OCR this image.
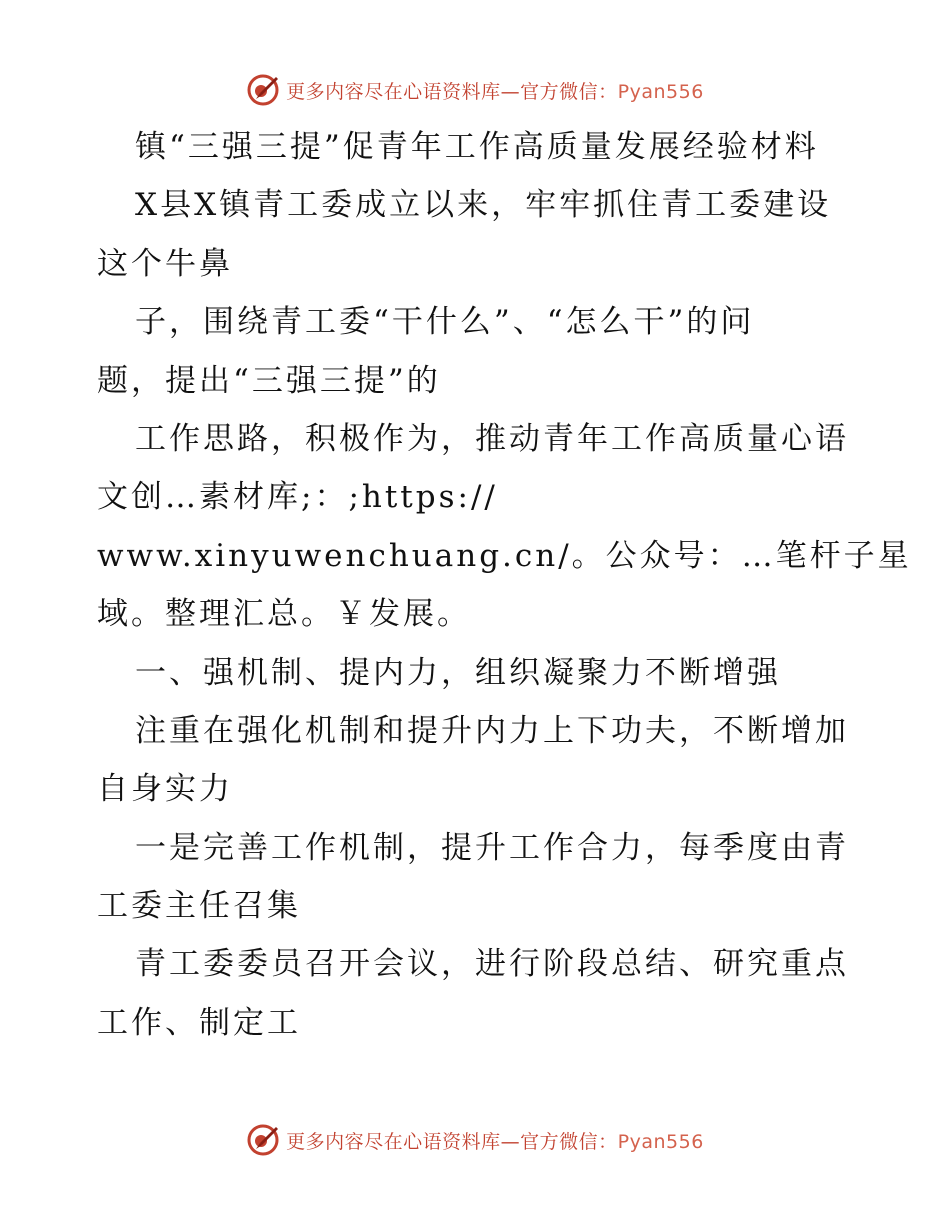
更多内容尽在心语资料库—官方微信：Pyan556
镇“三强三提”促青年工作高质量发展经验材料
X县X镇青工委成立以来，牢牢抓住青工委建设
这个牛鼻
子，围绕青工委“干什么”、“怎么干”的问
题，提出“三强三提”的
工作思路，积极作为，推动青年工作高质量心语
文创…素材库;：;https://
www.xinyuwenchuang.cn/。公众号：…笔杆子星
域。整理汇总。￥发展。
一、强机制、提内力，组织凝聚力不断增强
注重在强化机制和提升内力上下功夫，不断增加
自身实力
一是完善工作机制，提升工作合力，每季度由青
工委主任召集
青工委委员召开会议，进行阶段总结、研究重点
工作、制定工
更多内容尽在心语资料库—官方微信：Pyan556
